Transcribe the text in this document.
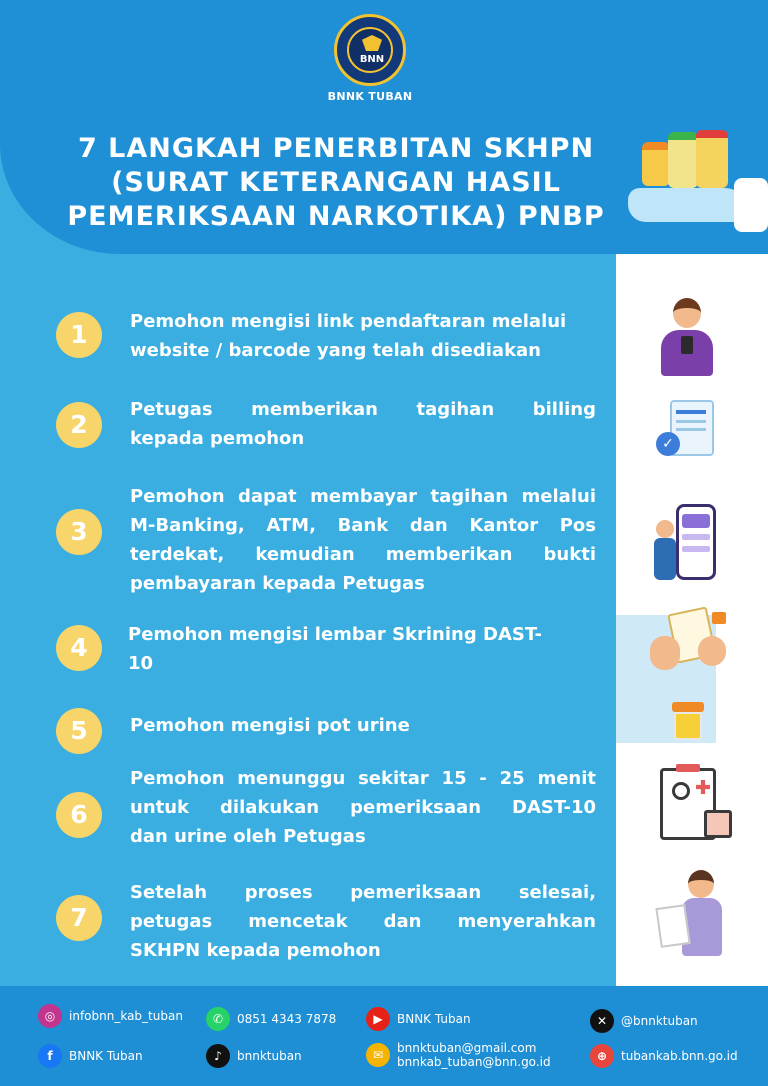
BNN
BNNK TUBAN
7 LANGKAH PENERBITAN SKHPN
(SURAT KETERANGAN HASIL
PEMERIKSAAN NARKOTIKA) PNBP
1	Pemohon mengisi link pendaftaran melalui
website / barcode yang telah disediakan
2
Petugas memberikan tagihan billing
kepada pemohon	✓
3
Pemohon dapat membayar tagihan melalui
M-Banking, ATM, Bank dan Kantor Pos
terdekat, kemudian memberikan bukti
pembayaran kepada Petugas
4	Pemohon mengisi lembar Skrining DAST-
10
5	Pemohon mengisi pot urine
6
Pemohon menunggu sekitar 15 - 25 menit
untuk dilakukan pemeriksaan DAST-10
dan urine oleh Petugas
7
Setelah proses pemeriksaan selesai,
petugas mencetak dan menyerahkan
SKHPN kepada pemohon
◎	infobnn_kab_tuban	✆	0851 4343 7878	▶	BNNK Tuban	✕	@bnnktuban
f	BNNK Tuban	♪	bnnktuban	✉	bnnktuban@gmail.com
bnnkab_tuban@bnn.go.id	⊕	tubankab.bnn.go.id
